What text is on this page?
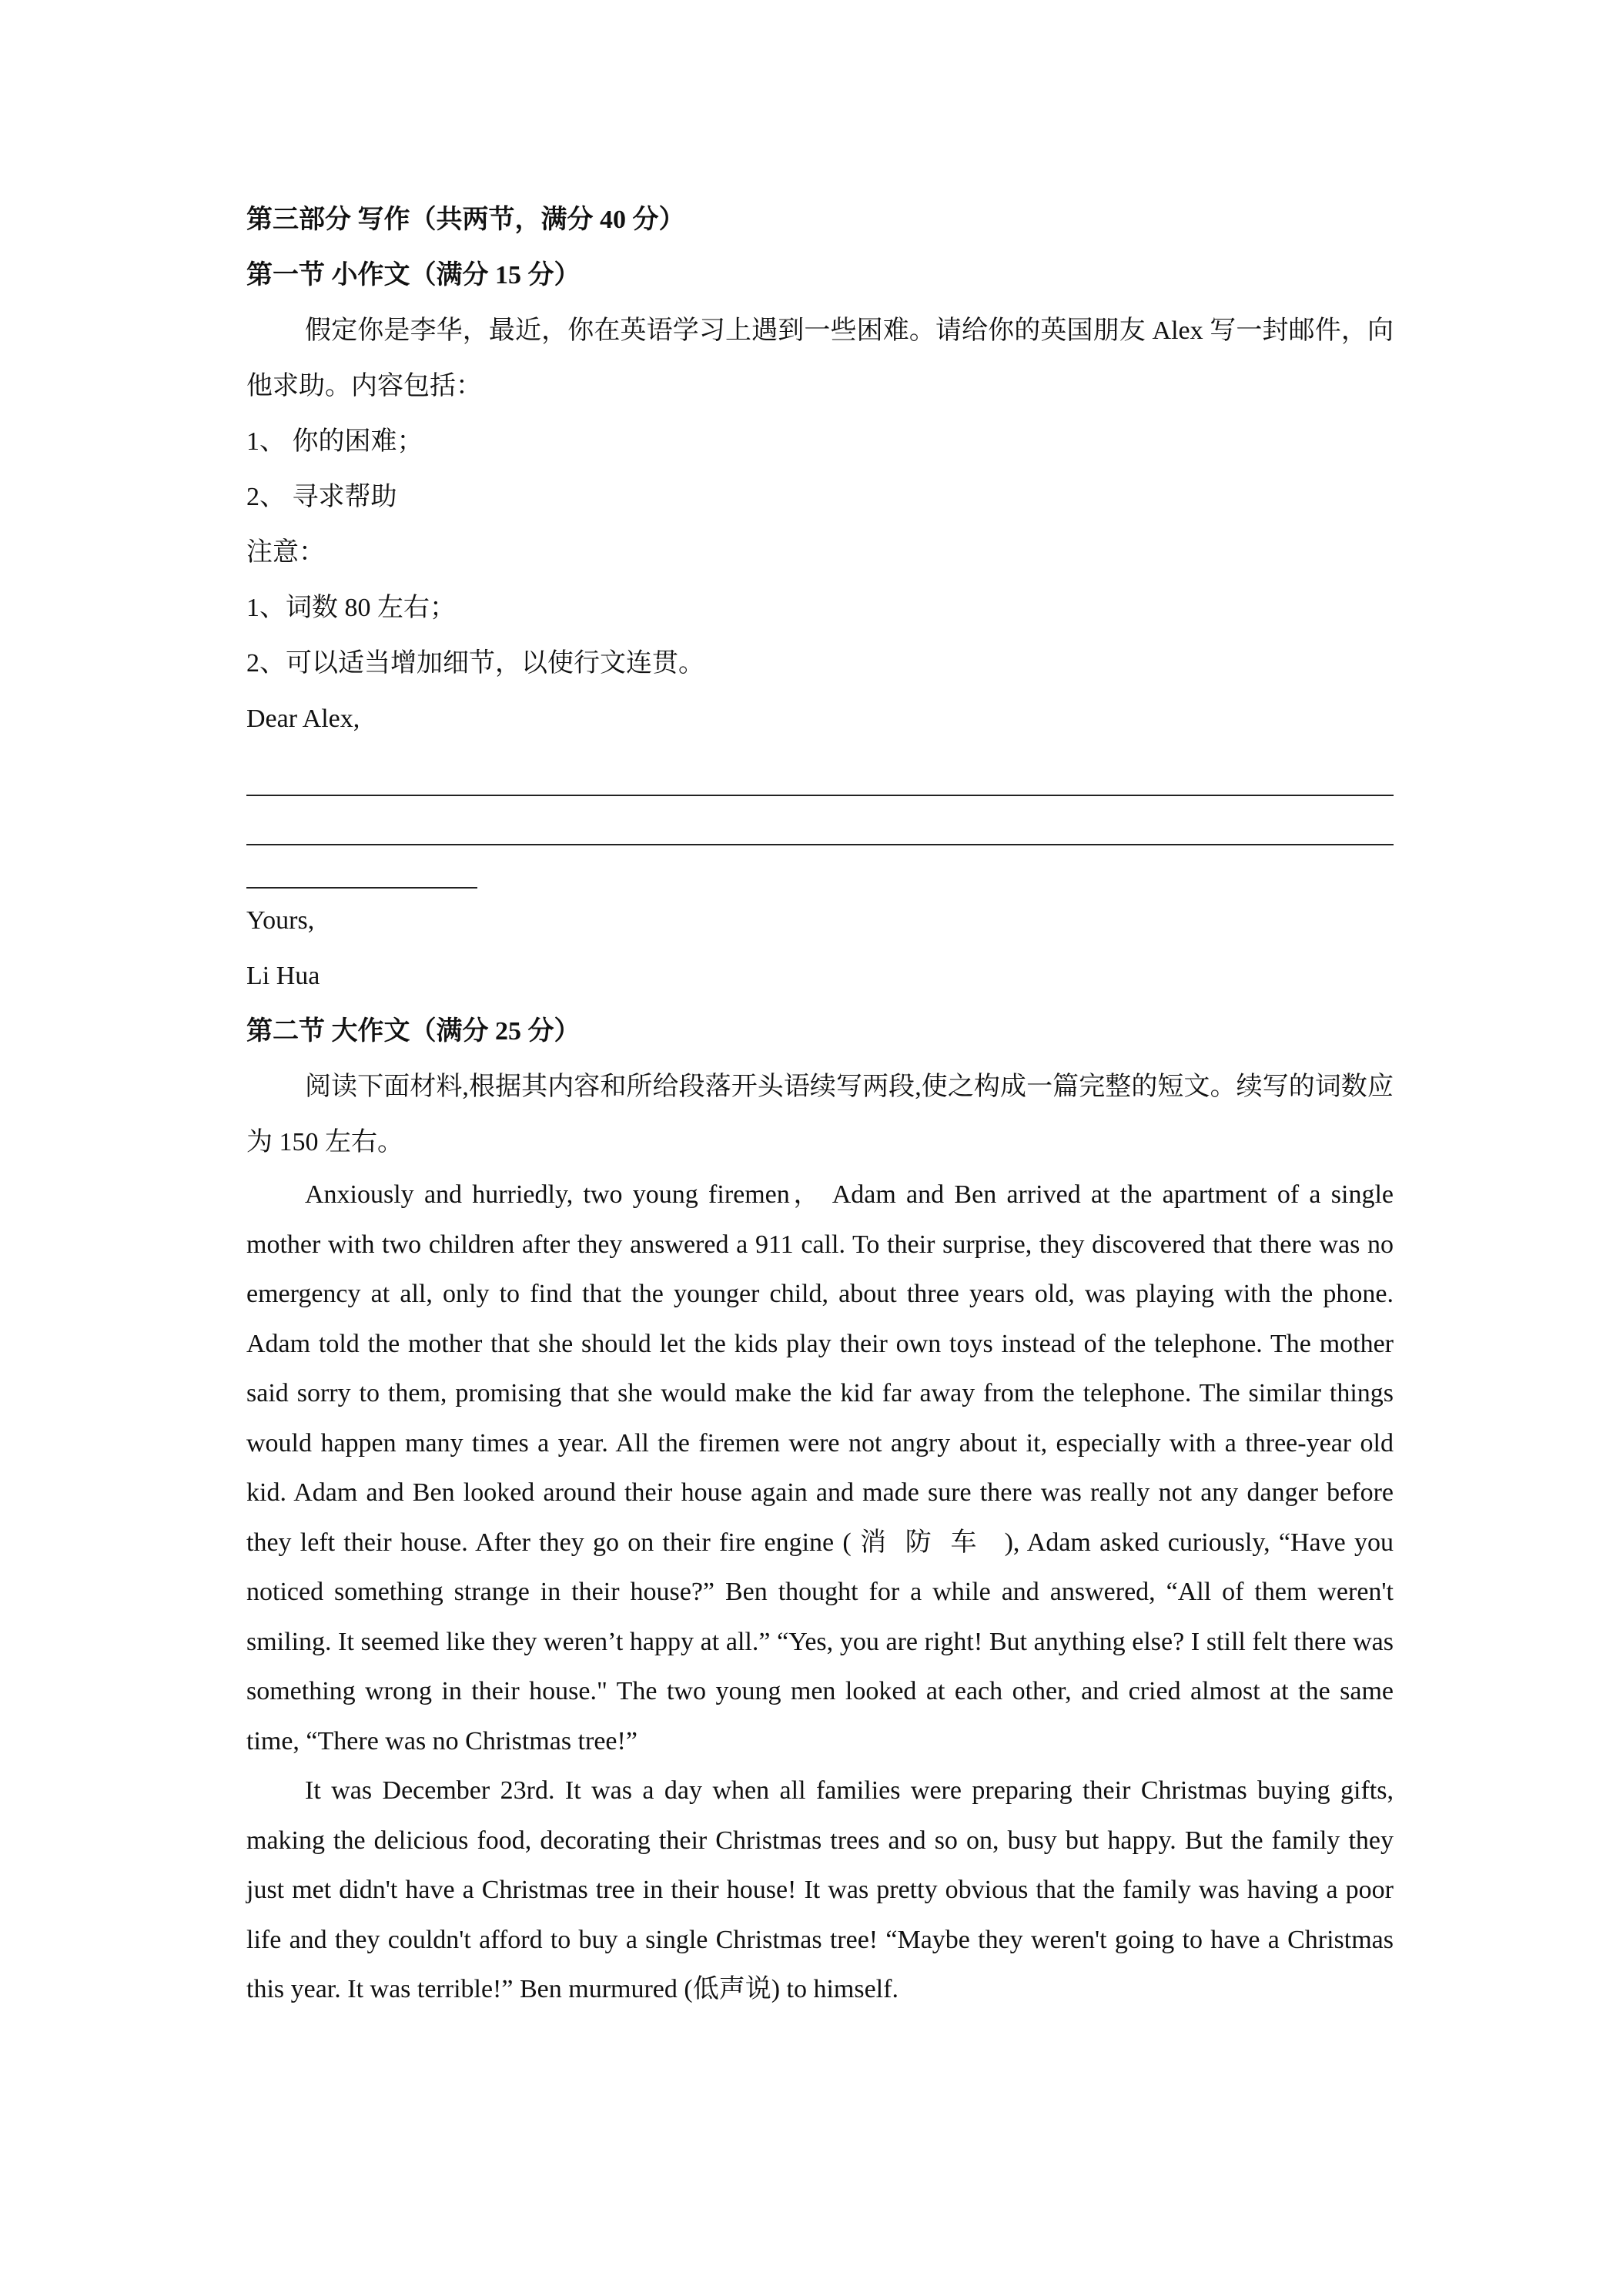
第三部分 写作（共两节，满分 40 分）
第一节 小作文（满分 15 分）

假定你是李华，最近，你在英语学习上遇到一些困难。请给你的英国朋友 Alex 写一封邮件，向他求助。内容包括：

1、 你的困难；
2、 寻求帮助
注意：
1、词数 80 左右；
2、可以适当增加细节，以使行文连贯。
Dear Alex,
Yours,
Li Hua
第二节 大作文（满分 25 分）

阅读下面材料,根据其内容和所给段落开头语续写两段,使之构成一篇完整的短文。续写的词数应为 150 左右。

Anxiously and hurriedly, two young firemen， Adam and Ben arrived at the apartment of a single mother with two children after they answered a 911 call. To their surprise, they discovered that there was no emergency at all, only to find that the younger child, about three years old, was playing with the phone. Adam told the mother that she should let the kids play their own toys instead of the telephone. The mother said sorry to them, promising that she would make the kid far away from the telephone. The similar things would happen many times a year. All the firemen were not angry about it, especially with a three-year old kid. Adam and Ben looked around their house again and made sure there was really not any danger before they left their house. After they go on their fire engine ( 消防车 ), Adam asked curiously, “Have you noticed something strange in their house?” Ben thought for a while and answered, “All of them weren't smiling. It seemed like they weren’t happy at all.” “Yes, you are right! But anything else? I still felt there was something wrong in their house." The two young men looked at each other, and cried almost at the same time, “There was no Christmas tree!”

It was December 23rd. It was a day when all families were preparing their Christmas buying gifts, making the delicious food, decorating their Christmas trees and so on, busy but happy. But the family they just met didn't have a Christmas tree in their house! It was pretty obvious that the family was having a poor life and they couldn't afford to buy a single Christmas tree! “Maybe they weren't going to have a Christmas this year. It was terrible!” Ben murmured (低声说) to himself.
